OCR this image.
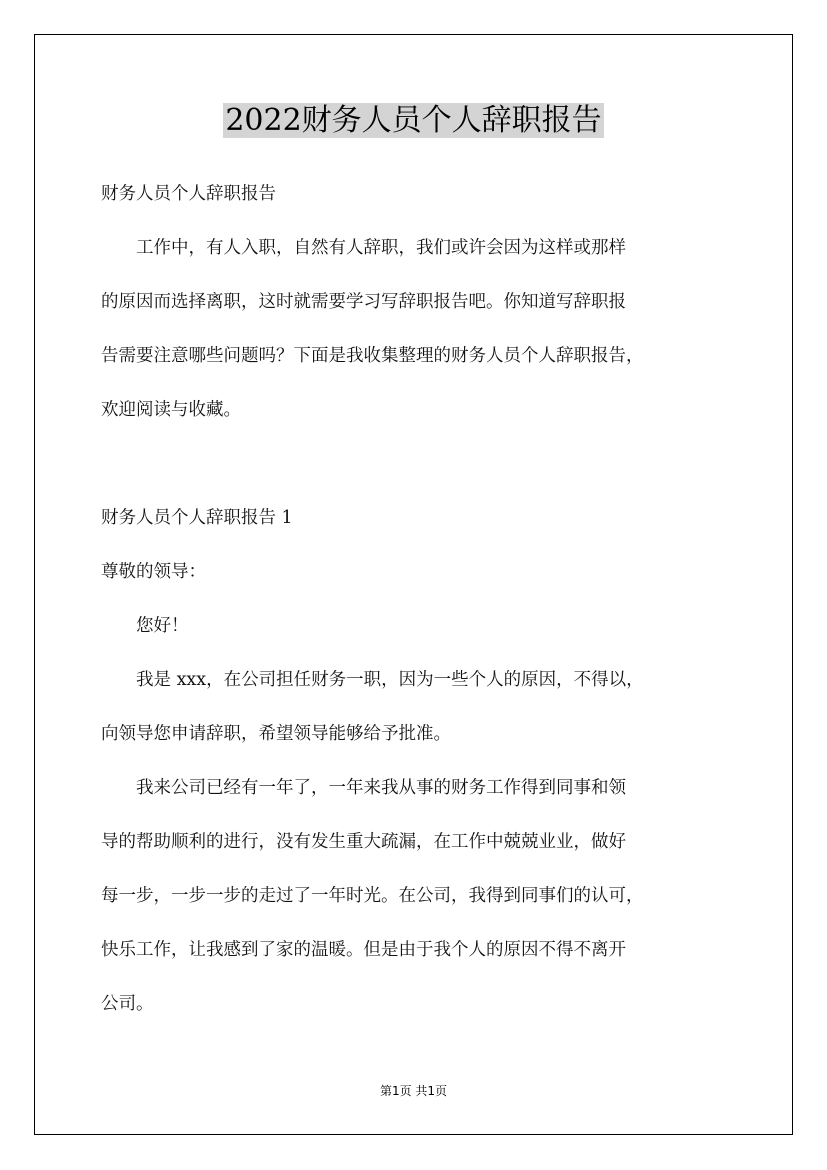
2022财务人员个人辞职报告
财务人员个人辞职报告
工作中，有人入职，自然有人辞职，我们或许会因为这样或那样
的原因而选择离职，这时就需要学习写辞职报告吧。你知道写辞职报
告需要注意哪些问题吗？下面是我收集整理的财务人员个人辞职报告，
欢迎阅读与收藏。
财务人员个人辞职报告 1
尊敬的领导：
您好！
我是 xxx，在公司担任财务一职，因为一些个人的原因，不得以，
向领导您申请辞职，希望领导能够给予批准。
我来公司已经有一年了，一年来我从事的财务工作得到同事和领
导的帮助顺利的进行，没有发生重大疏漏，在工作中兢兢业业，做好
每一步，一步一步的走过了一年时光。在公司，我得到同事们的认可，
快乐工作，让我感到了家的温暖。但是由于我个人的原因不得不离开
公司。
第1页 共1页
